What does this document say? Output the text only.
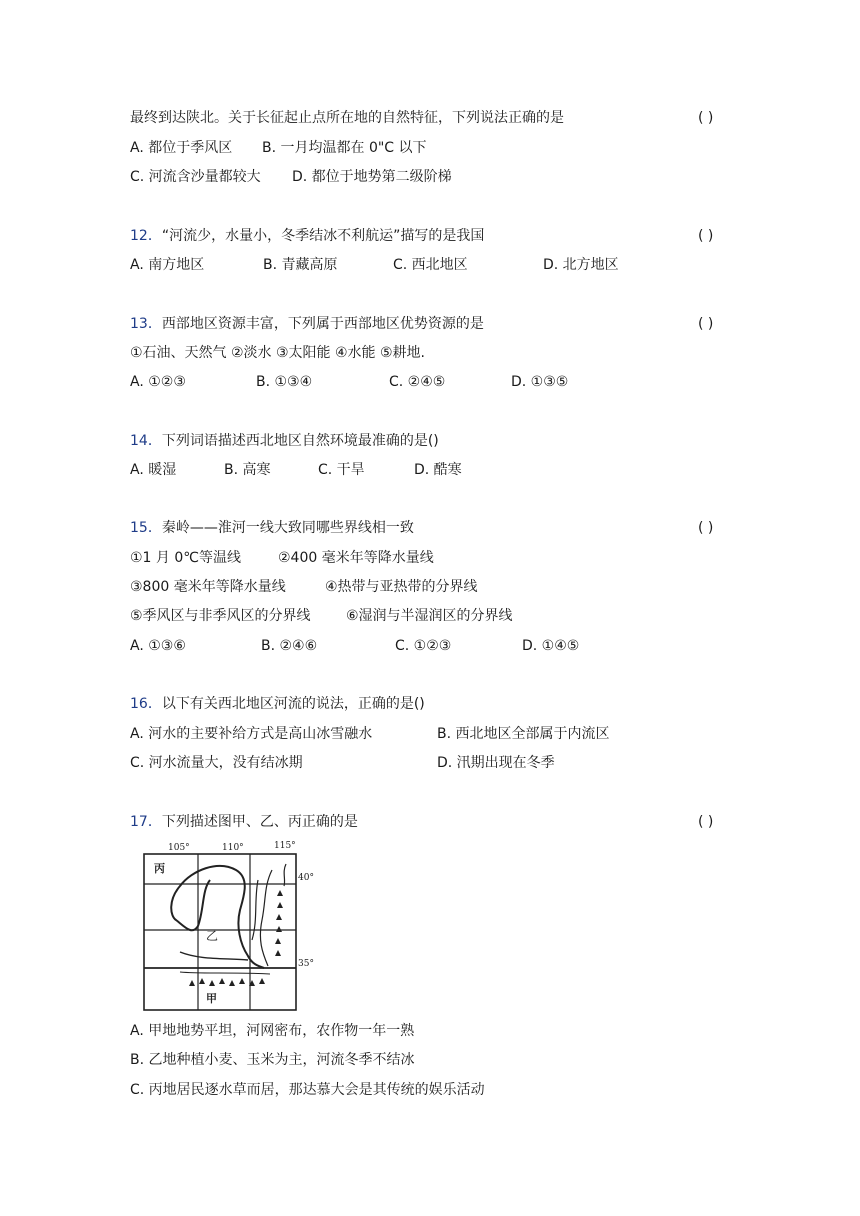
最终到达陕北。关于长征起止点所在地的自然特征，下列说法正确的是	( )
A. 都位于季风区 B. 一月均温都在 0"C 以下
C. 河流含沙量都较大 D. 都位于地势第二级阶梯
12．“河流少，水量小，冬季结冰不利航运”描写的是我国	( )
A. 南方地区	B. 青藏高原	C. 西北地区	D. 北方地区
13．西部地区资源丰富，下列属于西部地区优势资源的是	( )
①石油、天然气 ②淡水 ③太阳能 ④水能 ⑤耕地.
A. ①②③	B. ①③④	C. ②④⑤	D. ①③⑤
14．下列词语描述西北地区自然环境最准确的是()
A. 暖湿	B. 高寒	C. 干旱	D. 酷寒
15．秦岭——淮河一线大致同哪些界线相一致	( )
①1 月 0℃等温线	②400 毫米年等降水量线
③800 毫米年等降水量线	④热带与亚热带的分界线
⑤季风区与非季风区的分界线	⑥湿润与半湿润区的分界线
A. ①③⑥	B. ②④⑥	C. ①②③	D. ①④⑤
16．以下有关西北地区河流的说法，正确的是()
A. 河水的主要补给方式是高山冰雪融水	B. 西北地区全部属于内流区
C. 河水流量大，没有结冰期	D. 汛期出现在冬季
17．下列描述图甲、乙、丙正确的是	( )
105°	110°	115°
40°
35°
丙
乙
甲
A. 甲地地势平坦，河网密布，农作物一年一熟
B. 乙地种植小麦、玉米为主，河流冬季不结冰
C. 丙地居民逐水草而居，那达慕大会是其传统的娱乐活动
